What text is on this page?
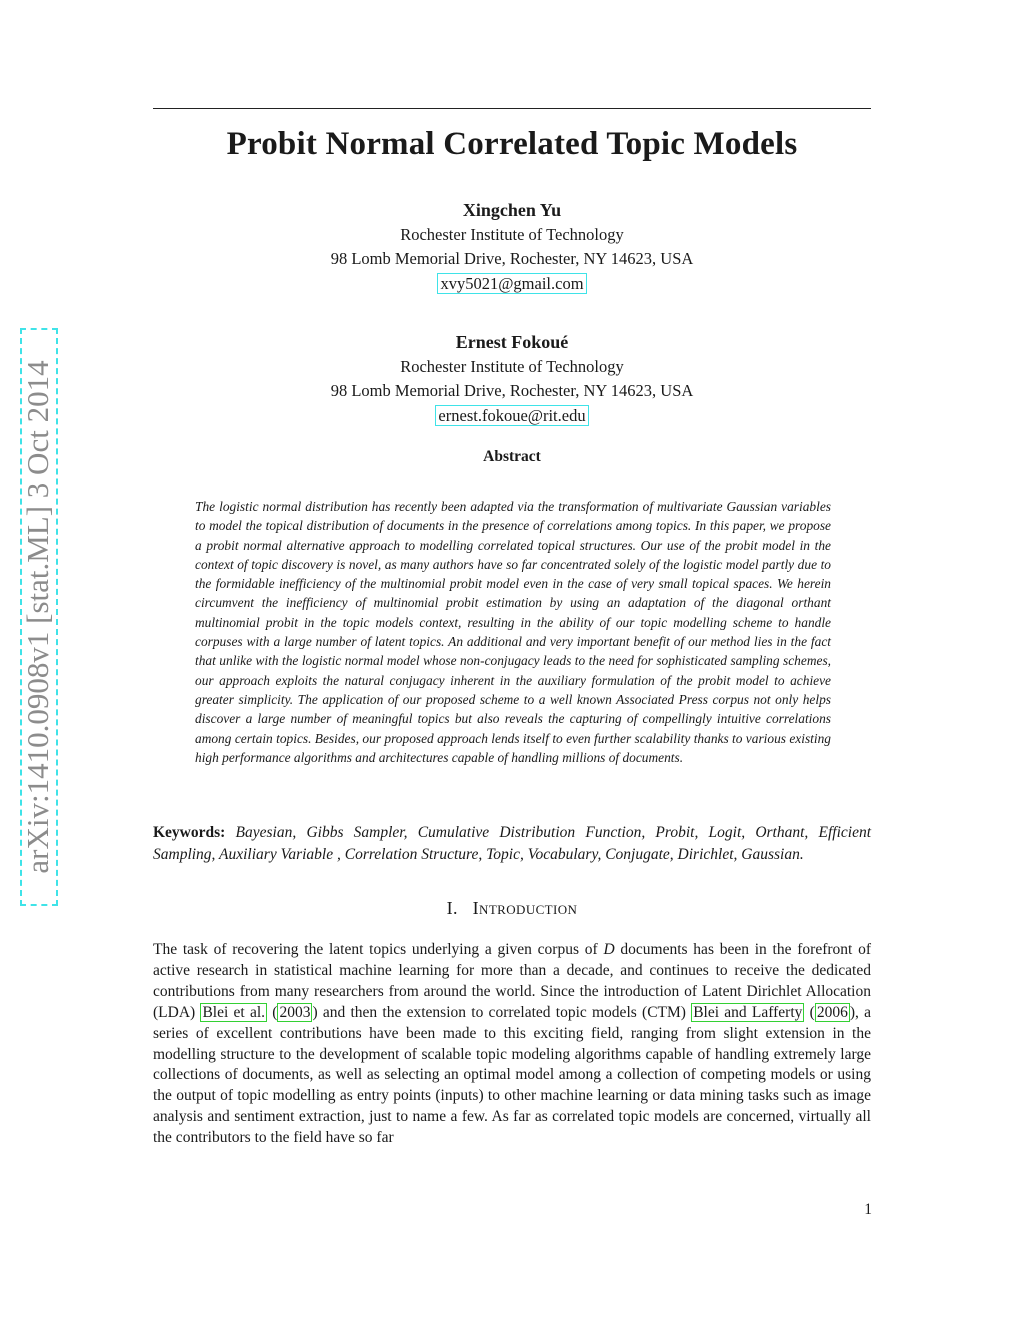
arXiv:1410.0908v1 [stat.ML] 3 Oct 2014
Probit Normal Correlated Topic Models
Xingchen Yu
Rochester Institute of Technology
98 Lomb Memorial Drive, Rochester, NY 14623, USA
xvy5021@gmail.com
Ernest Fokoué
Rochester Institute of Technology
98 Lomb Memorial Drive, Rochester, NY 14623, USA
ernest.fokoue@rit.edu
Abstract

The logistic normal distribution has recently been adapted via the transformation of multivariate Gaussian variables to model the topical distribution of documents in the presence of correlations among topics. In this paper, we propose a probit normal alternative approach to modelling correlated topical structures. Our use of the probit model in the context of topic discovery is novel, as many authors have so far concentrated solely of the logistic model partly due to the formidable inefficiency of the multinomial probit model even in the case of very small topical spaces. We herein circumvent the inefficiency of multinomial probit estimation by using an adaptation of the diagonal orthant multinomial probit in the topic models context, resulting in the ability of our topic modelling scheme to handle corpuses with a large number of latent topics. An additional and very important benefit of our method lies in the fact that unlike with the logistic normal model whose non-conjugacy leads to the need for sophisticated sampling schemes, our approach exploits the natural conjugacy inherent in the auxiliary formulation of the probit model to achieve greater simplicity. The application of our proposed scheme to a well known Associated Press corpus not only helps discover a large number of meaningful topics but also reveals the capturing of compellingly intuitive correlations among certain topics. Besides, our proposed approach lends itself to even further scalability thanks to various existing high performance algorithms and architectures capable of handling millions of documents.

Keywords: Bayesian, Gibbs Sampler, Cumulative Distribution Function, Probit, Logit, Orthant, Efficient Sampling, Auxiliary Variable , Correlation Structure, Topic, Vocabulary, Conjugate, Dirichlet, Gaussian.

I. Introduction

The task of recovering the latent topics underlying a given corpus of D documents has been in the forefront of active research in statistical machine learning for more than a decade, and continues to receive the dedicated contributions from many researchers from around the world. Since the introduction of Latent Dirichlet Allocation (LDA) Blei et al. ( 2003 ) and then the extension to correlated topic models (CTM) Blei and Lafferty ( 2006 ), a series of excellent contributions have been made to this exciting field, ranging from slight extension in the modelling structure to the development of scalable topic modeling algorithms capable of handling extremely large collections of documents, as well as selecting an optimal model among a collection of competing models or using the output of topic modelling as entry points (inputs) to other machine learning or data mining tasks such as image analysis and sentiment extraction, just to name a few. As far as correlated topic models are concerned, virtually all the contributors to the field have so far

1
